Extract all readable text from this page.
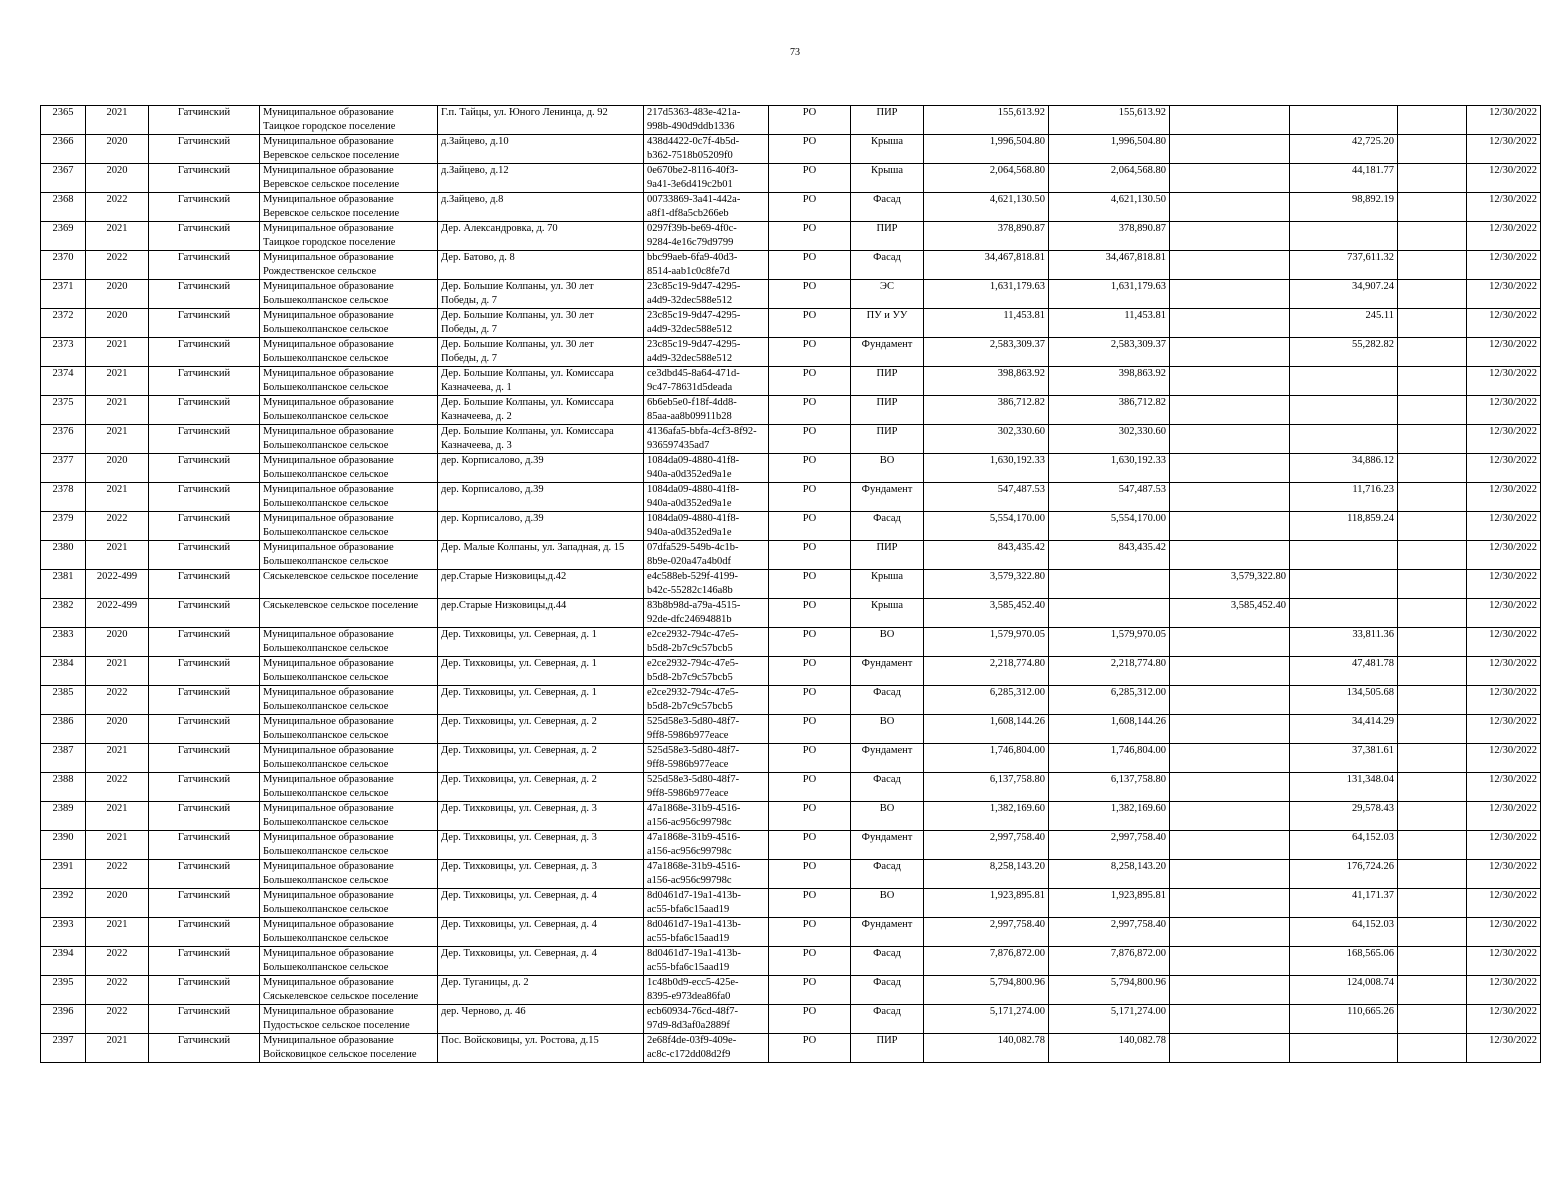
73
2365	2021	Гатчинский	Муниципальное образование
Таицкое городское поселение	Г.п. Тайцы, ул. Юного Ленинца, д. 92	217d5363-483e-421a-
998b-490d9ddb1336	РО	ПИР	155,613.92	155,613.92				12/30/2022
2366	2020	Гатчинский	Муниципальное образование
Веревское сельское поселение	д.Зайцево, д.10	438d4422-0c7f-4b5d-
b362-7518b05209f0	РО	Крыша	1,996,504.80	1,996,504.80		42,725.20		12/30/2022
2367	2020	Гатчинский	Муниципальное образование
Веревское сельское поселение	д.Зайцево, д.12	0e670be2-8116-40f3-
9a41-3e6d419c2b01	РО	Крыша	2,064,568.80	2,064,568.80		44,181.77		12/30/2022
2368	2022	Гатчинский	Муниципальное образование
Веревское сельское поселение	д.Зайцево, д.8	00733869-3a41-442a-
a8f1-df8a5cb266eb	РО	Фасад	4,621,130.50	4,621,130.50		98,892.19		12/30/2022
2369	2021	Гатчинский	Муниципальное образование
Таицкое городское поселение	Дер. Александровка, д. 70	0297f39b-be69-4f0c-
9284-4e16c79d9799	РО	ПИР	378,890.87	378,890.87				12/30/2022
2370	2022	Гатчинский	Муниципальное образование
Рождественское сельское	Дер. Батово, д. 8	bbc99aeb-6fa9-40d3-
8514-aab1c0c8fe7d	РО	Фасад	34,467,818.81	34,467,818.81		737,611.32		12/30/2022
2371	2020	Гатчинский	Муниципальное образование
Большеколпанское сельское	Дер. Большие Колпаны, ул. 30 лет
Победы, д. 7	23c85c19-9d47-4295-
a4d9-32dec588e512	РО	ЭС	1,631,179.63	1,631,179.63		34,907.24		12/30/2022
2372	2020	Гатчинский	Муниципальное образование
Большеколпанское сельское	Дер. Большие Колпаны, ул. 30 лет
Победы, д. 7	23c85c19-9d47-4295-
a4d9-32dec588e512	РО	ПУ и УУ	11,453.81	11,453.81		245.11		12/30/2022
2373	2021	Гатчинский	Муниципальное образование
Большеколпанское сельское	Дер. Большие Колпаны, ул. 30 лет
Победы, д. 7	23c85c19-9d47-4295-
a4d9-32dec588e512	РО	Фундамент	2,583,309.37	2,583,309.37		55,282.82		12/30/2022
2374	2021	Гатчинский	Муниципальное образование
Большеколпанское сельское	Дер. Большие Колпаны, ул. Комиссара
Казначеева, д. 1	ce3dbd45-8a64-471d-
9c47-78631d5deada	РО	ПИР	398,863.92	398,863.92				12/30/2022
2375	2021	Гатчинский	Муниципальное образование
Большеколпанское сельское	Дер. Большие Колпаны, ул. Комиссара
Казначеева, д. 2	6b6eb5e0-f18f-4dd8-
85aa-aa8b09911b28	РО	ПИР	386,712.82	386,712.82				12/30/2022
2376	2021	Гатчинский	Муниципальное образование
Большеколпанское сельское	Дер. Большие Колпаны, ул. Комиссара
Казначеева, д. 3	4136afa5-bbfa-4cf3-8f92-
936597435ad7	РО	ПИР	302,330.60	302,330.60				12/30/2022
2377	2020	Гатчинский	Муниципальное образование
Большеколпанское сельское	дер. Корписалово, д.39	1084da09-4880-41f8-
940a-a0d352ed9a1e	РО	ВО	1,630,192.33	1,630,192.33		34,886.12		12/30/2022
2378	2021	Гатчинский	Муниципальное образование
Большеколпанское сельское	дер. Корписалово, д.39	1084da09-4880-41f8-
940a-a0d352ed9a1e	РО	Фундамент	547,487.53	547,487.53		11,716.23		12/30/2022
2379	2022	Гатчинский	Муниципальное образование
Большеколпанское сельское	дер. Корписалово, д.39	1084da09-4880-41f8-
940a-a0d352ed9a1e	РО	Фасад	5,554,170.00	5,554,170.00		118,859.24		12/30/2022
2380	2021	Гатчинский	Муниципальное образование
Большеколпанское сельское	Дер. Малые Колпаны, ул. Западная, д. 15	07dfa529-549b-4c1b-
8b9e-020a47a4b0df	РО	ПИР	843,435.42	843,435.42				12/30/2022
2381	2022-499	Гатчинский	Сяськелевское сельское поселение	дер.Старые Низковицы,д.42	e4c588eb-529f-4199-
b42c-55282c146a8b	РО	Крыша	3,579,322.80		3,579,322.80			12/30/2022
2382	2022-499	Гатчинский	Сяськелевское сельское поселение	дер.Старые Низковицы,д.44	83b8b98d-a79a-4515-
92de-dfc24694881b	РО	Крыша	3,585,452.40		3,585,452.40			12/30/2022
2383	2020	Гатчинский	Муниципальное образование
Большеколпанское сельское	Дер. Тихковицы, ул. Северная, д. 1	e2ce2932-794c-47e5-
b5d8-2b7c9c57bcb5	РО	ВО	1,579,970.05	1,579,970.05		33,811.36		12/30/2022
2384	2021	Гатчинский	Муниципальное образование
Большеколпанское сельское	Дер. Тихковицы, ул. Северная, д. 1	e2ce2932-794c-47e5-
b5d8-2b7c9c57bcb5	РО	Фундамент	2,218,774.80	2,218,774.80		47,481.78		12/30/2022
2385	2022	Гатчинский	Муниципальное образование
Большеколпанское сельское	Дер. Тихковицы, ул. Северная, д. 1	e2ce2932-794c-47e5-
b5d8-2b7c9c57bcb5	РО	Фасад	6,285,312.00	6,285,312.00		134,505.68		12/30/2022
2386	2020	Гатчинский	Муниципальное образование
Большеколпанское сельское	Дер. Тихковицы, ул. Северная, д. 2	525d58e3-5d80-48f7-
9ff8-5986b977eace	РО	ВО	1,608,144.26	1,608,144.26		34,414.29		12/30/2022
2387	2021	Гатчинский	Муниципальное образование
Большеколпанское сельское	Дер. Тихковицы, ул. Северная, д. 2	525d58e3-5d80-48f7-
9ff8-5986b977eace	РО	Фундамент	1,746,804.00	1,746,804.00		37,381.61		12/30/2022
2388	2022	Гатчинский	Муниципальное образование
Большеколпанское сельское	Дер. Тихковицы, ул. Северная, д. 2	525d58e3-5d80-48f7-
9ff8-5986b977eace	РО	Фасад	6,137,758.80	6,137,758.80		131,348.04		12/30/2022
2389	2021	Гатчинский	Муниципальное образование
Большеколпанское сельское	Дер. Тихковицы, ул. Северная, д. 3	47a1868e-31b9-4516-
a156-ac956c99798c	РО	ВО	1,382,169.60	1,382,169.60		29,578.43		12/30/2022
2390	2021	Гатчинский	Муниципальное образование
Большеколпанское сельское	Дер. Тихковицы, ул. Северная, д. 3	47a1868e-31b9-4516-
a156-ac956c99798c	РО	Фундамент	2,997,758.40	2,997,758.40		64,152.03		12/30/2022
2391	2022	Гатчинский	Муниципальное образование
Большеколпанское сельское	Дер. Тихковицы, ул. Северная, д. 3	47a1868e-31b9-4516-
a156-ac956c99798c	РО	Фасад	8,258,143.20	8,258,143.20		176,724.26		12/30/2022
2392	2020	Гатчинский	Муниципальное образование
Большеколпанское сельское	Дер. Тихковицы, ул. Северная, д. 4	8d0461d7-19a1-413b-
ac55-bfa6c15aad19	РО	ВО	1,923,895.81	1,923,895.81		41,171.37		12/30/2022
2393	2021	Гатчинский	Муниципальное образование
Большеколпанское сельское	Дер. Тихковицы, ул. Северная, д. 4	8d0461d7-19a1-413b-
ac55-bfa6c15aad19	РО	Фундамент	2,997,758.40	2,997,758.40		64,152.03		12/30/2022
2394	2022	Гатчинский	Муниципальное образование
Большеколпанское сельское	Дер. Тихковицы, ул. Северная, д. 4	8d0461d7-19a1-413b-
ac55-bfa6c15aad19	РО	Фасад	7,876,872.00	7,876,872.00		168,565.06		12/30/2022
2395	2022	Гатчинский	Муниципальное образование
Сяськелевское сельское поселение	Дер. Туганицы, д. 2	1c48b0d9-ecc5-425e-
8395-e973dea86fa0	РО	Фасад	5,794,800.96	5,794,800.96		124,008.74		12/30/2022
2396	2022	Гатчинский	Муниципальное образование
Пудостьское сельское поселение	дер. Черново, д. 46	ecb60934-76cd-48f7-
97d9-8d3af0a2889f	РО	Фасад	5,171,274.00	5,171,274.00		110,665.26		12/30/2022
2397	2021	Гатчинский	Муниципальное образование
Войсковицкое сельское поселение	Пос. Войсковицы, ул. Ростова, д.15	2e68f4de-03f9-409e-
ac8c-c172dd08d2f9	РО	ПИР	140,082.78	140,082.78				12/30/2022
